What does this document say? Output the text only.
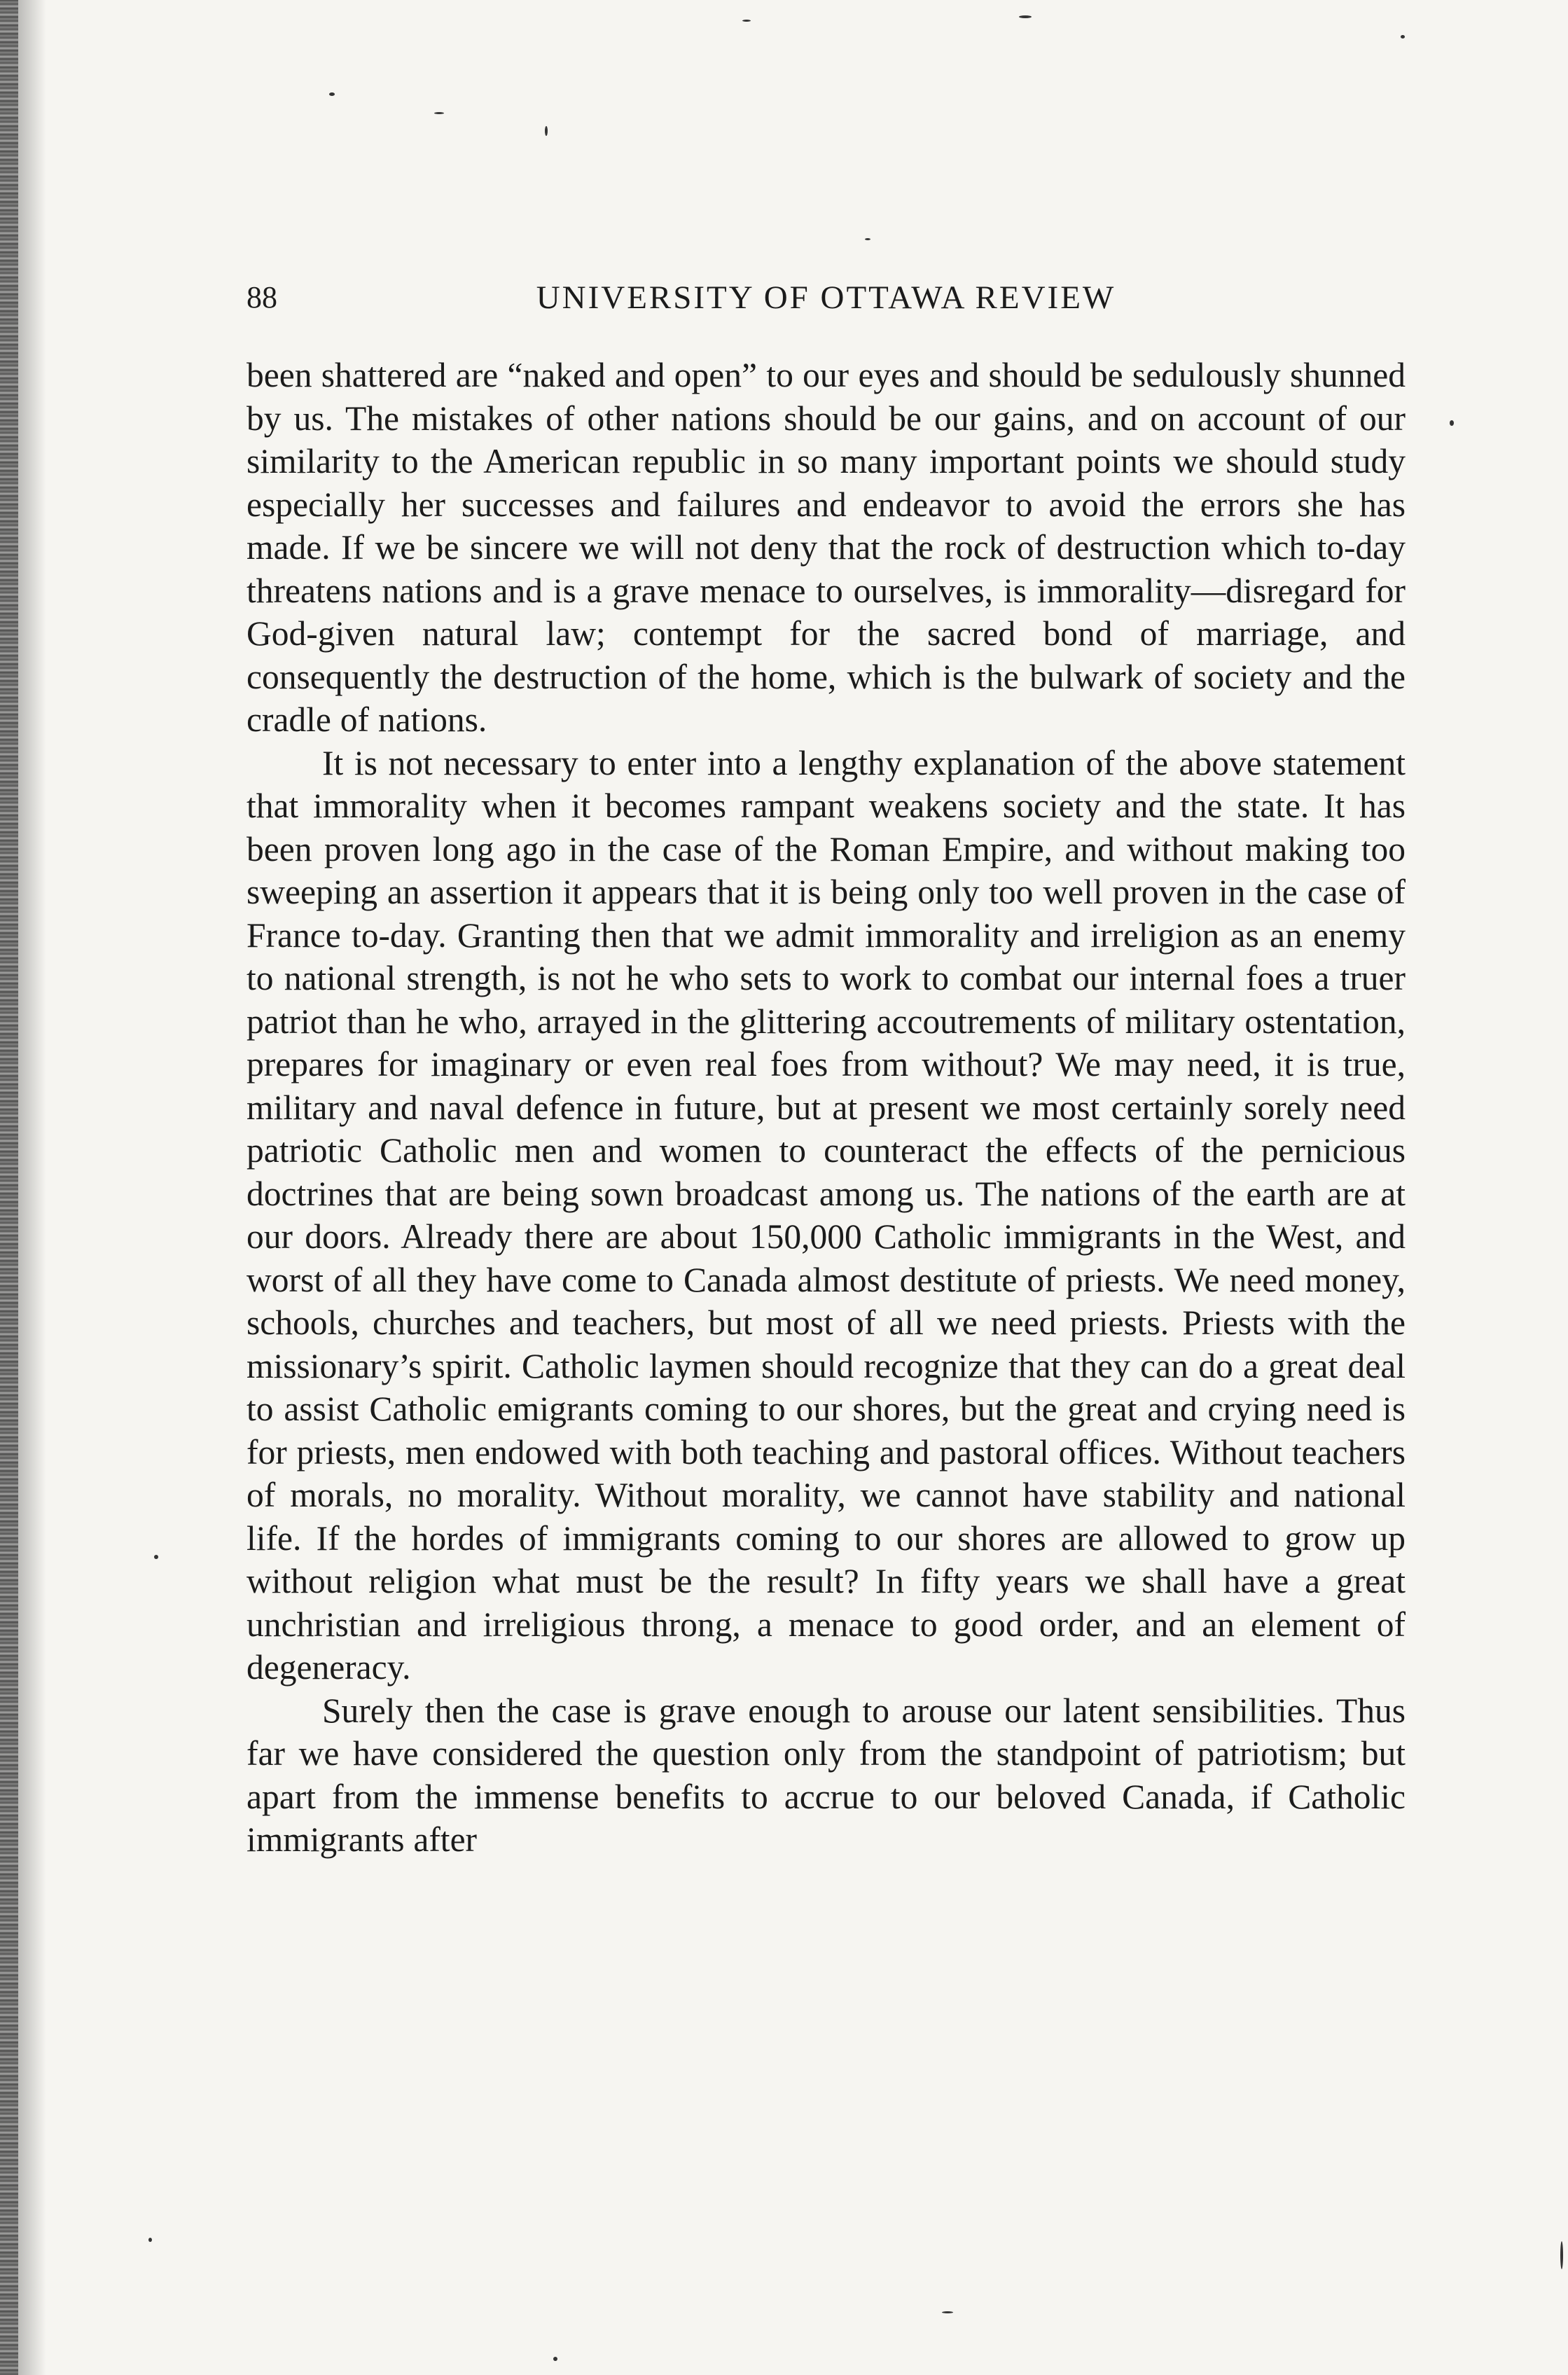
88	UNIVERSITY OF OTTAWA REVIEW

been shattered are “naked and open” to our eyes and should be sedulously shunned by us. The mistakes of other nations should be our gains, and on account of our similarity to the American republic in so many important points we should study especially her successes and failures and endeavor to avoid the errors she has made. If we be sincere we will not deny that the rock of destruction which to-day threatens nations and is a grave menace to ourselves, is immorality—disregard for God-given natural law; contempt for the sacred bond of marriage, and consequently the destruction of the home, which is the bulwark of society and the cradle of nations.

It is not necessary to enter into a lengthy explanation of the above statement that immorality when it becomes rampant weakens society and the state. It has been proven long ago in the case of the Roman Empire, and without making too sweeping an assertion it appears that it is being only too well proven in the case of France to-day. Granting then that we admit immorality and irreligion as an enemy to national strength, is not he who sets to work to combat our internal foes a truer patriot than he who, arrayed in the glittering accoutrements of military ostentation, prepares for imaginary or even real foes from without? We may need, it is true, military and naval defence in future, but at present we most certainly sorely need patriotic Catholic men and women to counteract the effects of the pernicious doctrines that are being sown broadcast among us. The nations of the earth are at our doors. Already there are about 150,000 Catholic immigrants in the West, and worst of all they have come to Canada almost destitute of priests. We need money, schools, churches and teachers, but most of all we need priests. Priests with the missionary’s spirit. Catholic laymen should recognize that they can do a great deal to assist Catholic emigrants coming to our shores, but the great and crying need is for priests, men endowed with both teaching and pastoral offices. Without teachers of morals, no morality. Without morality, we cannot have stability and national life. If the hordes of immigrants coming to our shores are allowed to grow up without religion what must be the result? In fifty years we shall have a great unchristian and irreligious throng, a menace to good order, and an element of degeneracy.

Surely then the case is grave enough to arouse our latent sensibilities. Thus far we have considered the question only from the standpoint of patriotism; but apart from the immense benefits to accrue to our beloved Canada, if Catholic immigrants after
